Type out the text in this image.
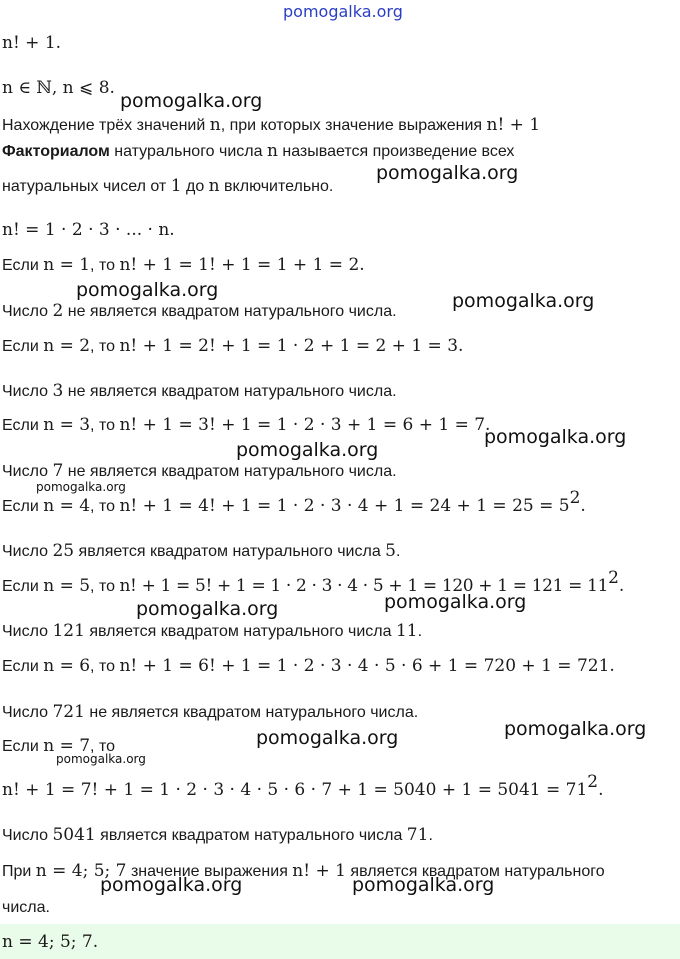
pomogalka.org
pomogalka.org
pomogalka.org
pomogalka.org	pomogalka.org
pomogalka.org
pomogalka.org
pomogalka.org
pomogalka.org
pomogalka.org
pomogalka.org
pomogalka.org
pomogalka.org
pomogalka.org	pomogalka.org
n! + 1.
n ∈ ℕ, n ⩽ 8.
Нахождение трёх значений n, при которых значение выражения n! + 1
Факториалом натурального числа n называется произведение всех
натуральных чисел от 1 до n включительно.
n! = 1 · 2 · 3 · ... · n.
Если n = 1, то n! + 1 = 1! + 1 = 1 + 1 = 2.
Число 2 не является квадратом натурального числа.
Если n = 2, то n! + 1 = 2! + 1 = 1 · 2 + 1 = 2 + 1 = 3.
Число 3 не является квадратом натурального числа.
Если n = 3, то n! + 1 = 3! + 1 = 1 · 2 · 3 + 1 = 6 + 1 = 7.
Число 7 не является квадратом натурального числа.
Если n = 4, то n! + 1 = 4! + $1 = 1 \cdot 2 \cdot 3 \cdot 4 + 1 = 24 + 1 = 25 = 5^2$.
Число 25 является квадратом натурального числа 5.
Если n = 5, то n! + 1 = 5! + $1 = 1 \cdot 2 \cdot 3 \cdot 4 \cdot 5 + 1 = 120 + 1 = 121 = 11^2$.
Число 121 является квадратом натурального числа 11.
Если n = 6, то n! + 1 = 6! + 1 = 1 · 2 · 3 · 4 · 5 · 6 + 1 = 720 + 1 = 721.
Число 721 не является квадратом натурального числа.
Если n = 7, то
n! + 1 = 7! + $1 = 1 \cdot 2 \cdot 3 \cdot 4 \cdot 5 \cdot 6 \cdot 7 + 1 = 5040 + 1 = 5041 = 71^2$.
Число 5041 является квадратом натурального числа 71.
При n = 4; 5; 7 значение выражения n! + 1 является квадратом натурального
числа.
n = 4; 5; 7.
